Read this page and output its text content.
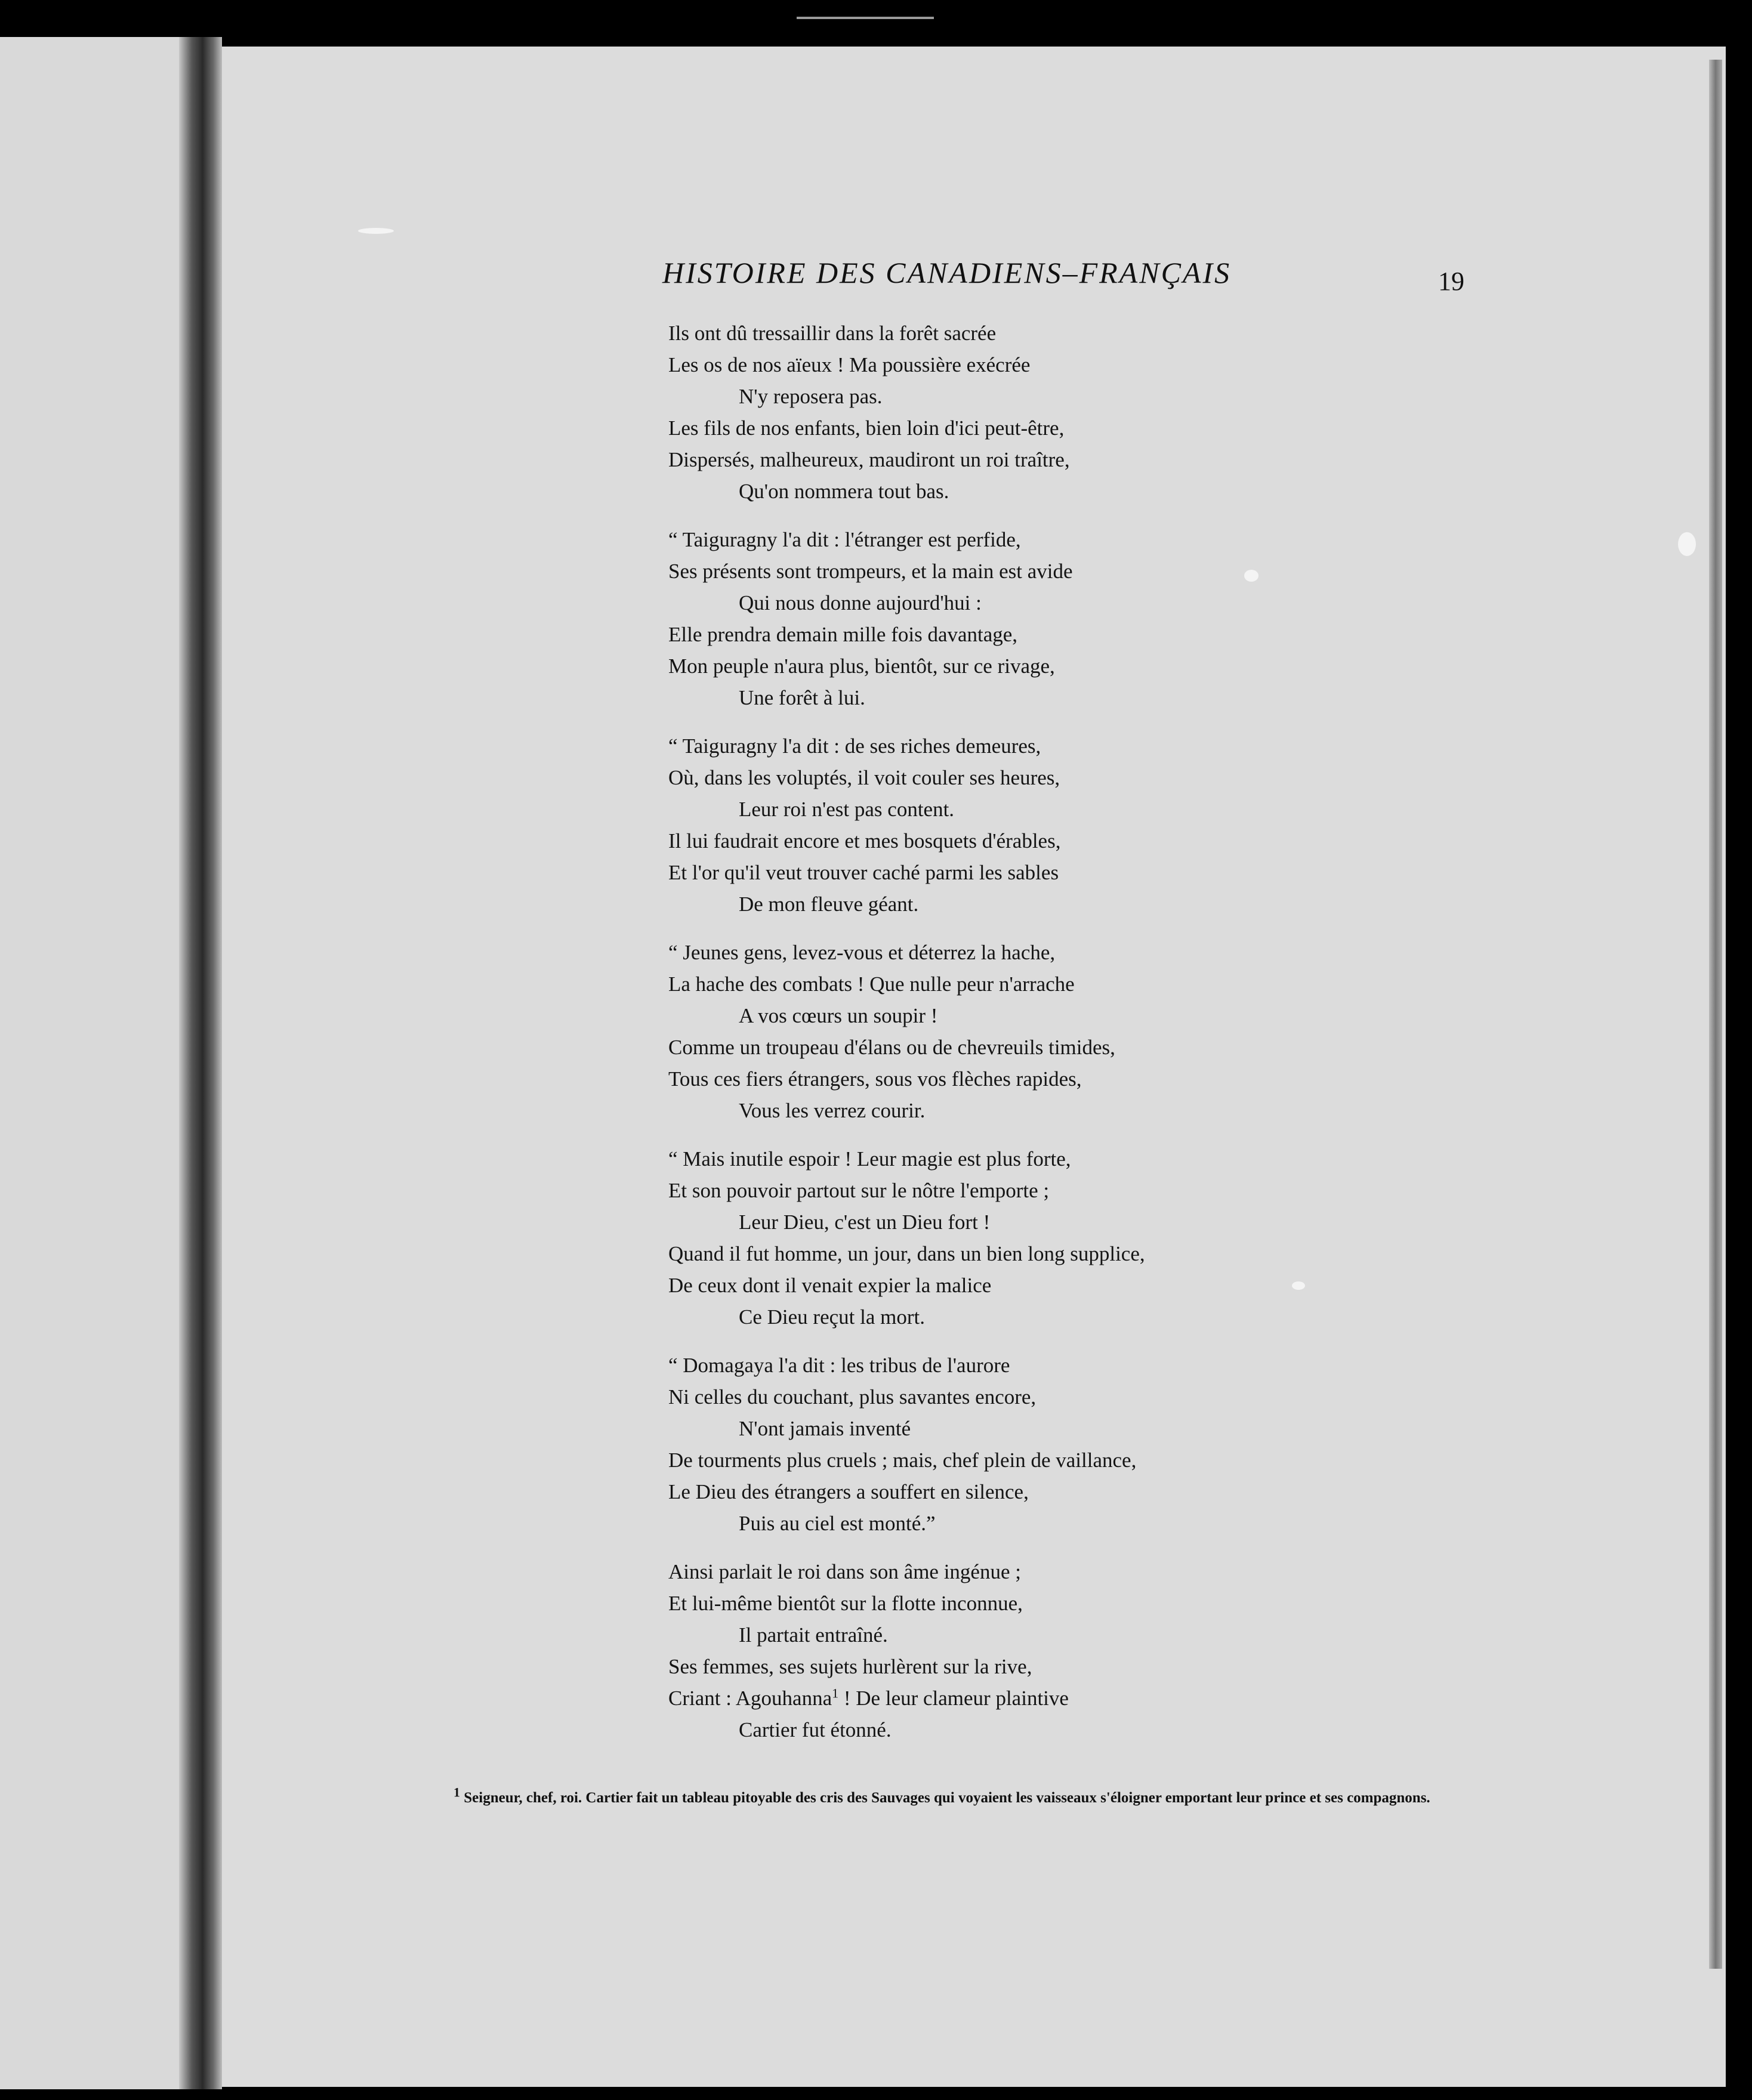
HISTOIRE DES CANADIENS–FRANÇAIS	19
Ils ont dû tressaillir dans la forêt sacrée
Les os de nos aïeux ! Ma poussière exécrée
N'y reposera pas.
Les fils de nos enfants, bien loin d'ici peut-être,
Dispersés, malheureux, maudiront un roi traître,
Qu'on nommera tout bas.
“ Taiguragny l'a dit : l'étranger est perfide,
Ses présents sont trompeurs, et la main est avide
Qui nous donne aujourd'hui :
Elle prendra demain mille fois davantage,
Mon peuple n'aura plus, bientôt, sur ce rivage,
Une forêt à lui.
“ Taiguragny l'a dit : de ses riches demeures,
Où, dans les voluptés, il voit couler ses heures,
Leur roi n'est pas content.
Il lui faudrait encore et mes bosquets d'érables,
Et l'or qu'il veut trouver caché parmi les sables
De mon fleuve géant.
“ Jeunes gens, levez-vous et déterrez la hache,
La hache des combats ! Que nulle peur n'arrache
A vos cœurs un soupir !
Comme un troupeau d'élans ou de chevreuils timides,
Tous ces fiers étrangers, sous vos flèches rapides,
Vous les verrez courir.
“ Mais inutile espoir ! Leur magie est plus forte,
Et son pouvoir partout sur le nôtre l'emporte ;
Leur Dieu, c'est un Dieu fort !
Quand il fut homme, un jour, dans un bien long supplice,
De ceux dont il venait expier la malice
Ce Dieu reçut la mort.
“ Domagaya l'a dit : les tribus de l'aurore
Ni celles du couchant, plus savantes encore,
N'ont jamais inventé
De tourments plus cruels ; mais, chef plein de vaillance,
Le Dieu des étrangers a souffert en silence,
Puis au ciel est monté.”
Ainsi parlait le roi dans son âme ingénue ;
Et lui-même bientôt sur la flotte inconnue,
Il partait entraîné.
Ses femmes, ses sujets hurlèrent sur la rive,
Criant : Agouhanna$^1$ ! De leur clameur plaintive
Cartier fut étonné.
$^1$ Seigneur, chef, roi. Cartier fait un tableau pitoyable des cris des Sauvages qui voyaient les vaisseaux s'éloigner emportant leur prince et ses compagnons.
